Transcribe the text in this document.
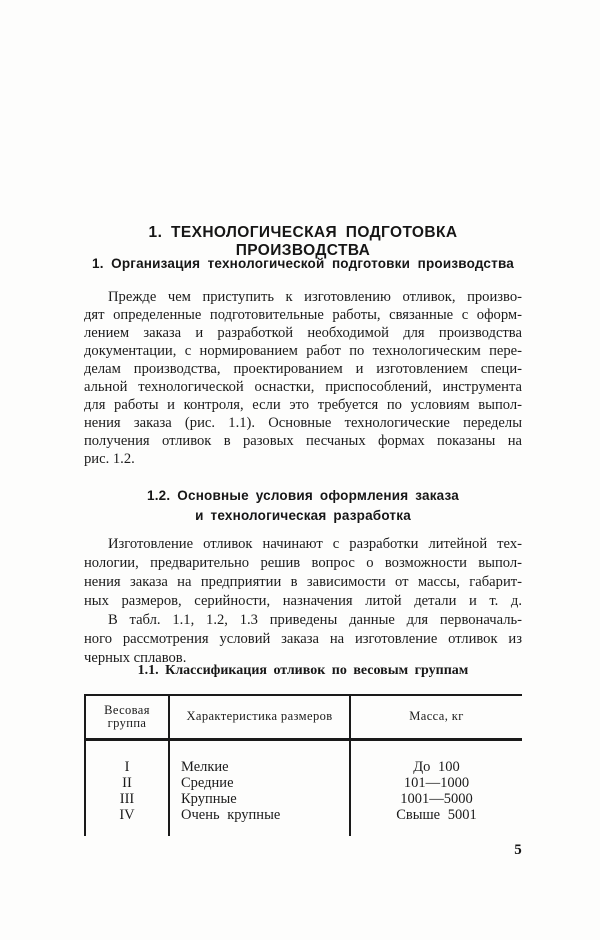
1. ТЕХНОЛОГИЧЕСКАЯ ПОДГОТОВКА ПРОИЗВОДСТВА
1. Организация технологической подготовки производства
Прежде чем приступить к изготовлению отливок, произво-
дят определенные подготовительные работы, связанные с оформ-
лением заказа и разработкой необходимой для производства
документации, с нормированием работ по технологическим пере-
делам производства, проектированием и изготовлением специ-
альной технологической оснастки, приспособлений, инструмента
для работы и контроля, если это требуется по условиям выпол-
нения заказа (рис. 1.1). Основные технологические переделы
получения отливок в разовых песчаных формах показаны на
рис. 1.2.
1.2. Основные условия оформления заказа
и технологическая разработка
Изготовление отливок начинают с разработки литейной тех-
нологии, предварительно решив вопрос о возможности выпол-
нения заказа на предприятии в зависимости от массы, габарит-
ных размеров, серийности, назначения литой детали и т. д.
В табл. 1.1, 1.2, 1.3 приведены данные для первоначаль-
ного рассмотрения условий заказа на изготовление отливок из
черных сплавов.
1.1. Классификация отливок по весовым группам
Весовая
группа	Характеристика размеров	Масса, кг
I
II
III
IV
Мелкие
Средние
Крупные
Очень крупные
До 100
101—1000
1001—5000
Свыше 5001
5
